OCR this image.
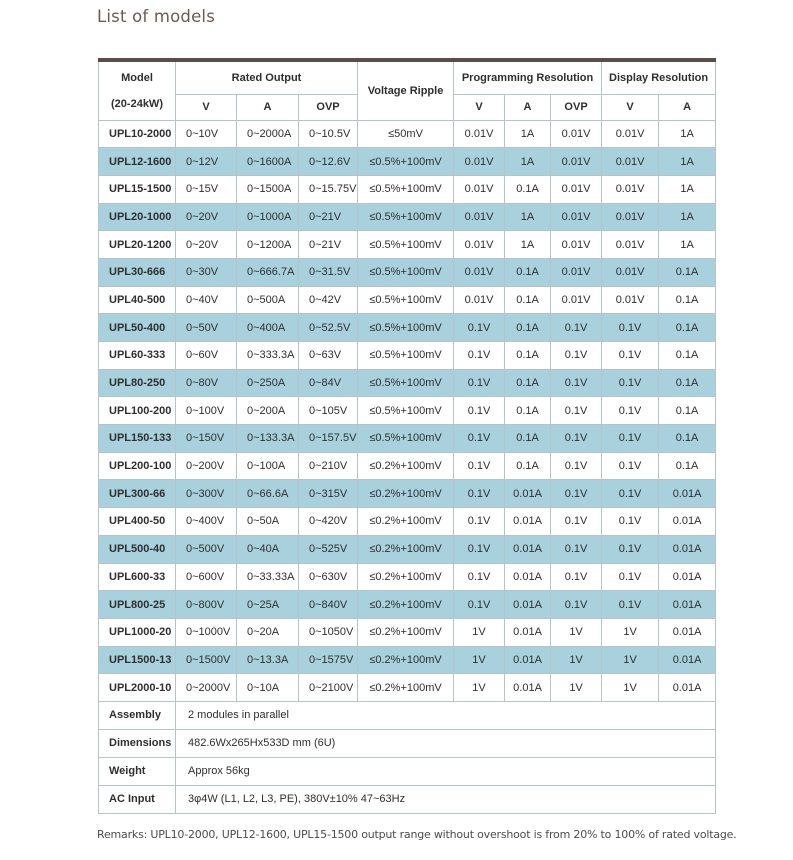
List of models
Model
(20-24kW)	Rated Output			Voltage Ripple	Programming Resolution			Display Resolution	
	V	A	OVP		V	A	OVP	V	A
UPL10-2000	0~10V	0~2000A	0~10.5V	≤50mV	0.01V	1A	0.01V	0.01V	1A
UPL12-1600	0~12V	0~1600A	0~12.6V	≤0.5%+100mV	0.01V	1A	0.01V	0.01V	1A
UPL15-1500	0~15V	0~1500A	0~15.75V	≤0.5%+100mV	0.01V	0.1A	0.01V	0.01V	1A
UPL20-1000	0~20V	0~1000A	0~21V	≤0.5%+100mV	0.01V	1A	0.01V	0.01V	1A
UPL20-1200	0~20V	0~1200A	0~21V	≤0.5%+100mV	0.01V	1A	0.01V	0.01V	1A
UPL30-666	0~30V	0~666.7A	0~31.5V	≤0.5%+100mV	0.01V	0.1A	0.01V	0.01V	0.1A
UPL40-500	0~40V	0~500A	0~42V	≤0.5%+100mV	0.01V	0.1A	0.01V	0.01V	0.1A
UPL50-400	0~50V	0~400A	0~52.5V	≤0.5%+100mV	0.1V	0.1A	0.1V	0.1V	0.1A
UPL60-333	0~60V	0~333.3A	0~63V	≤0.5%+100mV	0.1V	0.1A	0.1V	0.1V	0.1A
UPL80-250	0~80V	0~250A	0~84V	≤0.5%+100mV	0.1V	0.1A	0.1V	0.1V	0.1A
UPL100-200	0~100V	0~200A	0~105V	≤0.5%+100mV	0.1V	0.1A	0.1V	0.1V	0.1A
UPL150-133	0~150V	0~133.3A	0~157.5V	≤0.5%+100mV	0.1V	0.1A	0.1V	0.1V	0.1A
UPL200-100	0~200V	0~100A	0~210V	≤0.2%+100mV	0.1V	0.1A	0.1V	0.1V	0.1A
UPL300-66	0~300V	0~66.6A	0~315V	≤0.2%+100mV	0.1V	0.01A	0.1V	0.1V	0.01A
UPL400-50	0~400V	0~50A	0~420V	≤0.2%+100mV	0.1V	0.01A	0.1V	0.1V	0.01A
UPL500-40	0~500V	0~40A	0~525V	≤0.2%+100mV	0.1V	0.01A	0.1V	0.1V	0.01A
UPL600-33	0~600V	0~33.33A	0~630V	≤0.2%+100mV	0.1V	0.01A	0.1V	0.1V	0.01A
UPL800-25	0~800V	0~25A	0~840V	≤0.2%+100mV	0.1V	0.01A	0.1V	0.1V	0.01A
UPL1000-20	0~1000V	0~20A	0~1050V	≤0.2%+100mV	1V	0.01A	1V	1V	0.01A
UPL1500-13	0~1500V	0~13.3A	0~1575V	≤0.2%+100mV	1V	0.01A	1V	1V	0.01A
UPL2000-10	0~2000V	0~10A	0~2100V	≤0.2%+100mV	1V	0.01A	1V	1V	0.01A
Assembly	2 modules in parallel								
Dimensions	482.6Wx265Hx533D mm (6U)								
Weight	Approx 56kg								
AC Input	3φ4W (L1, L2, L3, PE), 380V±10% 47~63Hz								
Remarks: UPL10-2000, UPL12-1600, UPL15-1500 output range without overshoot is from 20% to 100% of rated voltage.
